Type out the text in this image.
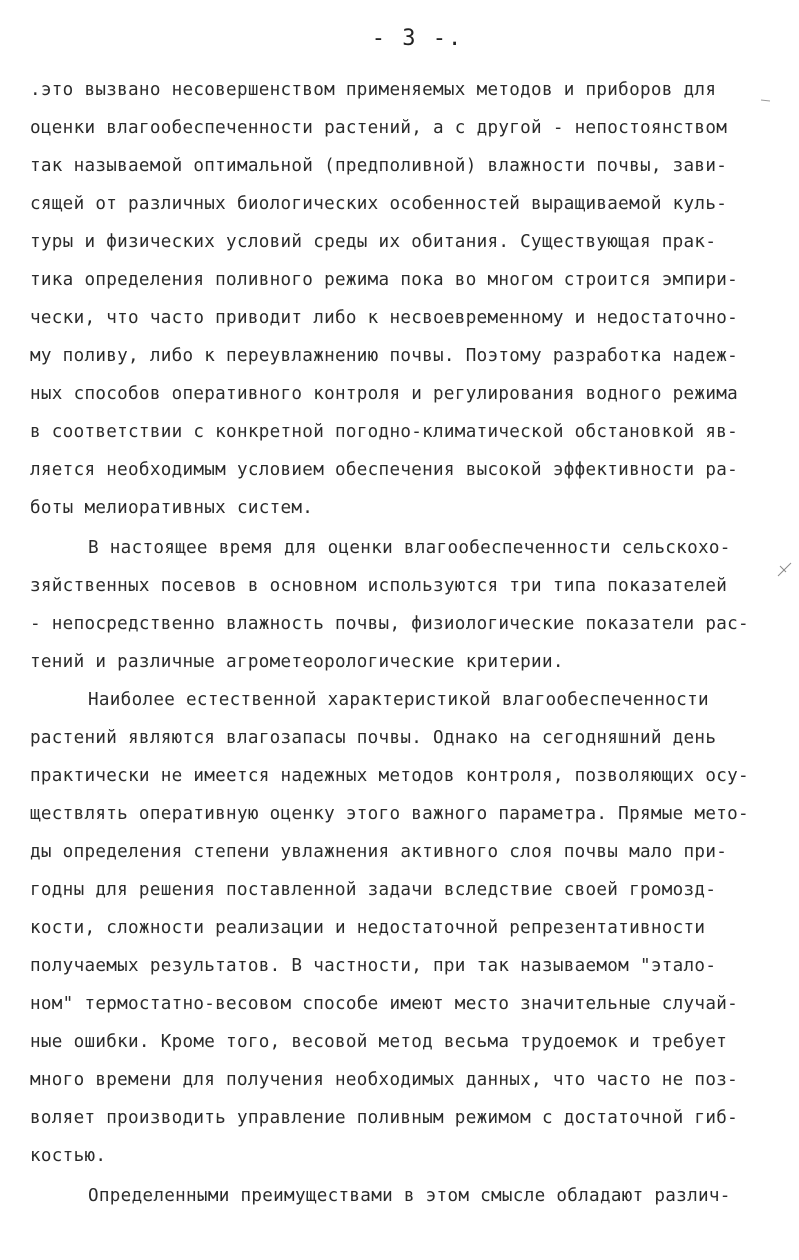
- 3 -.
.это вызвано несовершенством применяемых методов и приборов для
оценки влагообеспеченности растений, а с другой - непостоянством
так называемой оптимальной (предполивной) влажности почвы, зави-
сящей от различных биологических особенностей выращиваемой куль-
туры и физических условий среды их обитания. Существующая прак-
тика определения поливного режима пока во многом строится эмпири-
чески, что часто приводит либо к несвоевременному и недостаточно-
му поливу, либо к переувлажнению почвы. Поэтому разработка надеж-
ных способов оперативного контроля и регулирования водного режима
в соответствии с конкретной погодно-климатической обстановкой яв-
ляется необходимым условием обеспечения высокой эффективности ра-
боты мелиоративных систем.
В настоящее время для оценки влагообеспеченности сельскохо-
зяйственных посевов в основном используются три типа показателей
- непосредственно влажность почвы, физиологические показатели рас-
тений и различные агрометеорологические критерии.
Наиболее естественной характеристикой влагообеспеченности
растений являются влагозапасы почвы. Однако на сегодняшний день
практически не имеется надежных методов контроля, позволяющих осу-
ществлять оперативную оценку этого важного параметра. Прямые мето-
ды определения степени увлажнения активного слоя почвы мало при-
годны для решения поставленной задачи вследствие своей громозд-
кости, сложности реализации и недостаточной репрезентативности
получаемых результатов. В частности, при так называемом "эталo-
ном" термостатно-весовом способе имеют место значительные случай-
ные ошибки. Кроме того, весовой метод весьма трудоемок и требует
много времени для получения необходимых данных, что часто не поз-
воляет производить управление поливным режимом с достаточной гиб-
костью.
Определенными преимуществами в этом смысле обладают различ-
